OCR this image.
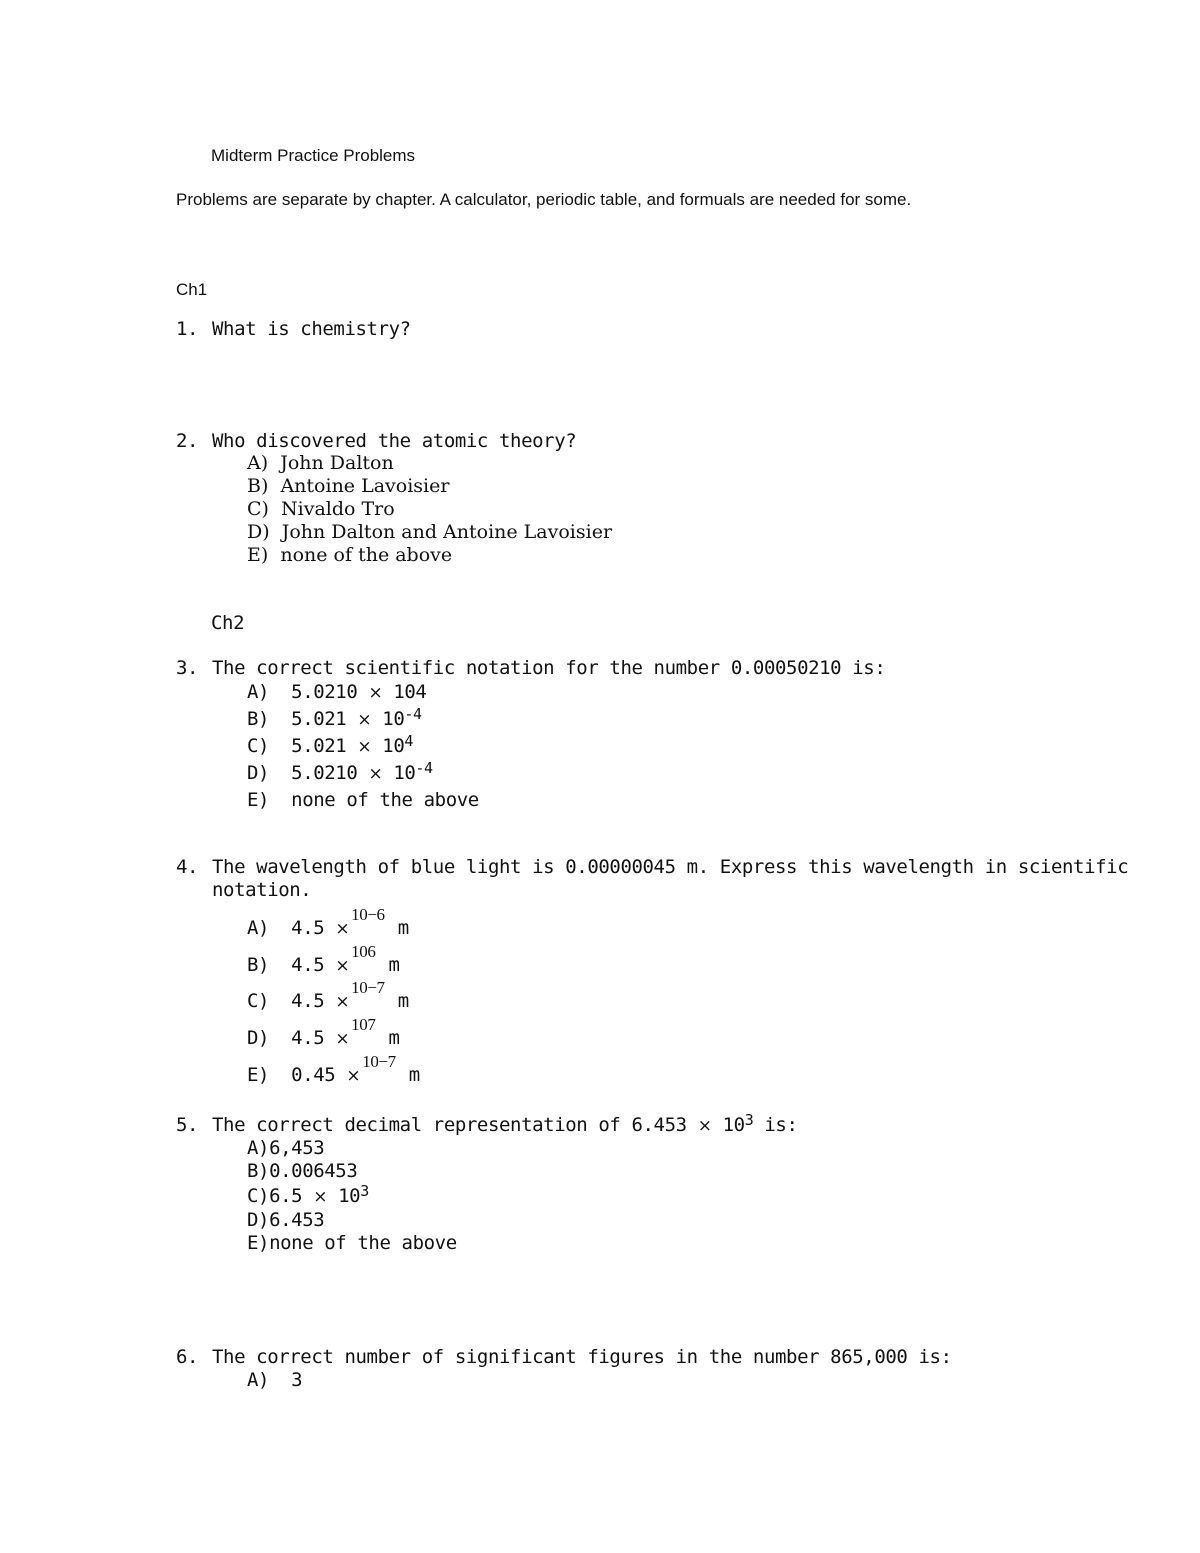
Midterm Practice Problems
Problems are separate by chapter. A calculator, periodic table, and formuals are needed for some.
Ch1
1. What is chemistry?
2. Who discovered the atomic theory?
A)  John Dalton
B)  Antoine Lavoisier
C)  Nivaldo Tro
D)  John Dalton and Antoine Lavoisier
E)  none of the above
Ch2
3. The correct scientific notation for the number 0.00050210 is:
A)  5.0210 × 104
B)  $5.021 \times 10^{-4}$
C)  $5.021 \times 10^4$
D)  $5.0210 \times 10^{-4}$
E)  none of the above
4. The wavelength of blue light is 0.00000045 m. Express this wavelength in scientific
notation.
A)  4.5 ×10−6 m
B)  4.5 ×106 m
C)  4.5 ×10−7 m
D)  4.5 ×107 m
E)  0.45 ×10−7 m
5. The correct decimal representation of $6.453 \times 10^3$ is:
A)6,453
B)0.006453
$C)6.5 \times 10^3$
D)6.453
E)none of the above
6. The correct number of significant figures in the number 865,000 is:
A)  3
